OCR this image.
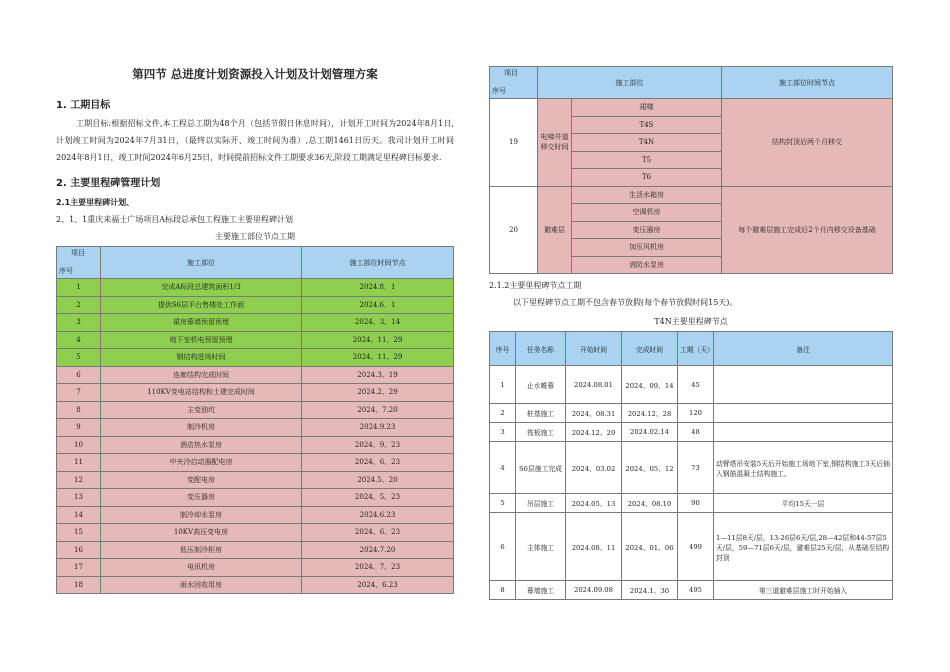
第四节 总进度计划资源投入计划及计划管理方案
1. 工期目标

工期目标:根据招标文件,本工程总工期为48个月（包括节假日休息时间），计划开工时间为2024年8月1日,计划竣工时间为2024年7月31日，（最终以实际开、竣工时间为准）,总工期1461日历天。我司计划开工时间2024年8月1日，竣工时间2024年6月25日，时间提前招标文件工期要求36天,阶段工期满足里程碑目标要求.

2. 主要里程碑管理计划
2.1主要里程碑计划、
2、1、1重庆来福士广场项目A标段总承包工程施工主要里程碑计划
主要施工部位节点工期
项目
序号	施工部位	施工部位时间节点
1	完成A标段总建筑面积1/3	2024.8．1
2	提供S6层平台售楼处工作面	2024.6．1
3	裙房幕墙预留预埋	2024、3、14
4	地下室机电预留预埋	2024、11、29
5	钢结构进场时间	2024、11、29
6	连廊结构完成时间	2024.3、19
7	110KV变电站结构和土建完成时间	2024.2、29
8	主变油坑	2024、7.20
9	制冷机房	2024.9.23
10	酒店热水泵房	2024、9、23
11	中央冷启动器配电房	2024、6、23
12	变配电房	2024.5、20
13	变压器房	2024、5、23
14	制冷却水泵房	2024.6.23
15	10KV高压变电房	2024、6、23
16	低压制冷柜房	2024.7.20
17	电讯机房	2024、7、23
18	雨水回收用房	2024、6.23
项目
序号	施工部位		施工部位时间节点
19	电梯井道移交时间	裙楼	结构封顶后两个月移交
		T4S	
		T4N	
		T5	
		T6	
20	避难层	生活水箱房	每个避难层施工完成后2个月内移交设备基础
		空调机房	
		变压器房	
		加压风机房	
		消防水泵房	
2.1.2主要里程碑节点工期
以下里程碑节点工期不包含春节放假(每个春节放假时间15天)。
T4N主要里程碑节点
序号	任务名称	开始时间	完成时间	工期（天）	备注
1	止水帷幕	2024.08.01	2024、09、14	45	
2	桩基施工	2024、08.31	2024.12、28	120	
3	筏板施工	2024.12、29	2024.02.14	48	
4	S6层施工完成	2024、03.02	2024、05、12	73	动臂塔吊安装5天后开始施工场地下室,钢结构施工3天后插入钢筋混凝土结构施工。
5	吊层施工	2024.05、13	2024、08.10	90	平均15天一层
6	主体施工	2024.08、11	2024、01、06	499	1—11层8天/层，13-26层6天/层,28—42层和44-57层5天/层，59—71层6天/层，避难层25天/层，从基础至结构封顶
8	幕墙施工	2024.09.08	2024.1、30	495	第三道避难层施工时开始插入
